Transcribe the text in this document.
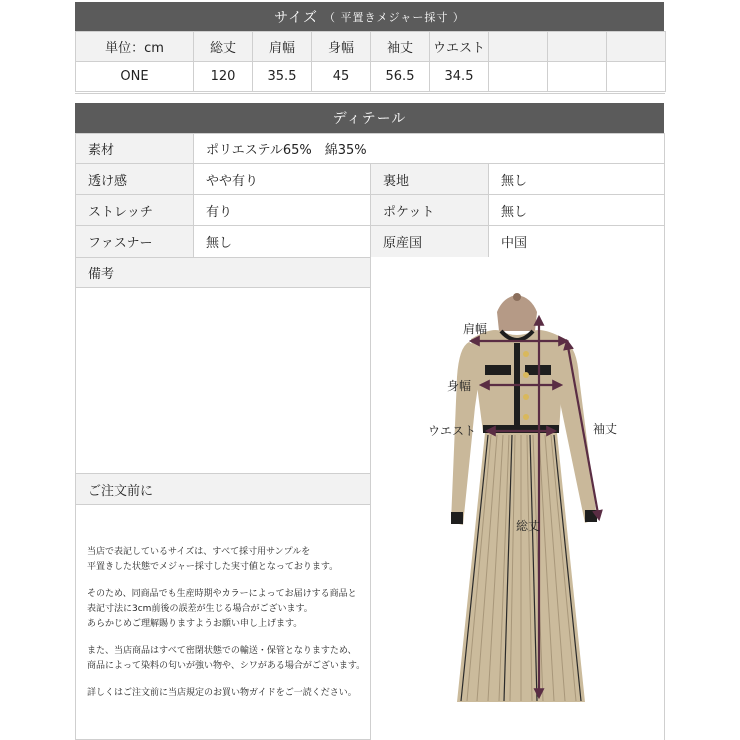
サイズ （ 平置きメジャー採寸 ）
単位：cm	総丈	肩幅	身幅	袖丈	ウエスト			
ONE	120	35.5	45	56.5	34.5			
ディテール
素材	ポリエステル65%　綿35%
透け感	やや有り	裏地	無し
ストレッチ	有り	ポケット	無し
ファスナー	無し	原産国	中国
備考
ご注文前に

当店で表記しているサイズは、すべて採寸用サンプルを
平置きした状態でメジャー採寸した実寸値となっております。

そのため、同商品でも生産時期やカラーによってお届けする商品と
表記寸法に3cm前後の誤差が生じる場合がございます。
あらかじめご理解賜りますようお願い申し上げます。

また、当店商品はすべて密閉状態での輸送・保管となりますため、
商品によって染料の匂いが強い物や、シワがある場合がございます。

詳しくはご注文前に当店規定のお買い物ガイドをご一読ください。

肩幅
身幅
ウエスト	袖丈
総丈
